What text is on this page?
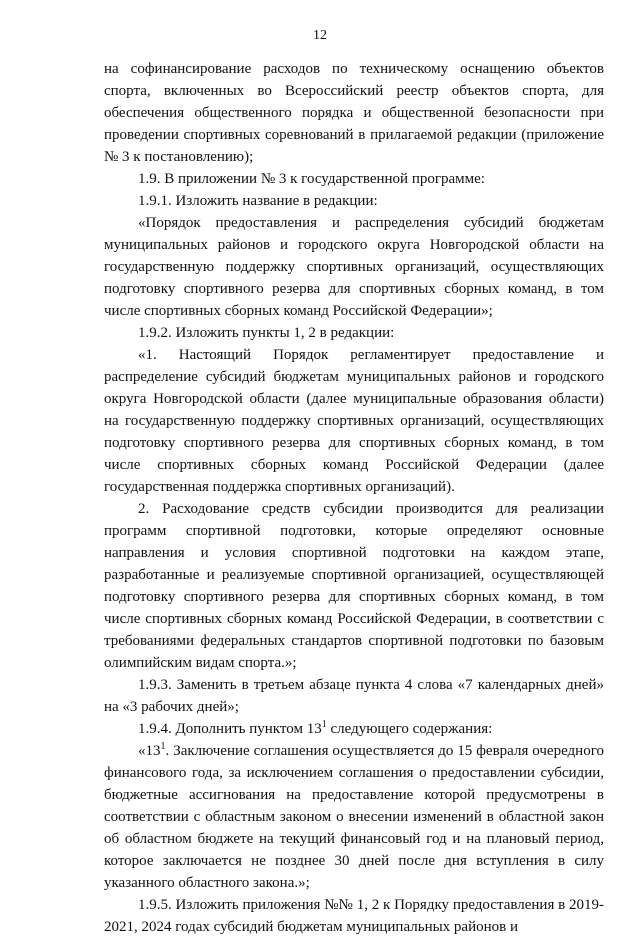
12

на софинансирование расходов по техническому оснащению объектов спорта, включенных во Всероссийский реестр объектов спорта, для обеспечения общественного порядка и общественной безопасности при проведении спортивных соревнований в прилагаемой редакции (приложение № 3 к постановлению);

1.9. В приложении № 3 к государственной программе:

1.9.1. Изложить название в редакции:

«Порядок предоставления и распределения субсидий бюджетам муниципальных районов и городского округа Новгородской области на государственную поддержку спортивных организаций, осуществляющих подготовку спортивного резерва для спортивных сборных команд, в том числе спортивных сборных команд Российской Федерации»;

1.9.2. Изложить пункты 1, 2 в редакции:

«1. Настоящий Порядок регламентирует предоставление и распределение субсидий бюджетам муниципальных районов и городского округа Новгородской области (далее муниципальные образования области) на государственную поддержку спортивных организаций, осуществляющих подготовку спортивного резерва для спортивных сборных команд, в том числе спортивных сборных команд Российской Федерации (далее государственная поддержка спортивных организаций).

2. Расходование средств субсидии производится для реализации программ спортивной подготовки, которые определяют основные направления и условия спортивной подготовки на каждом этапе, разработанные и реализуемые спортивной организацией, осуществляющей подготовку спортивного резерва для спортивных сборных команд, в том числе спортивных сборных команд Российской Федерации, в соответствии с требованиями федеральных стандартов спортивной подготовки по базовым олимпийским видам спорта.»;

1.9.3. Заменить в третьем абзаце пункта 4 слова «7 календарных дней» на «3 рабочих дней»;

1.9.4. Дополнить пунктом $13^1$ следующего содержания:

«$13^1$. Заключение соглашения осуществляется до 15 февраля очередного финансового года, за исключением соглашения о предоставлении субсидии, бюджетные ассигнования на предоставление которой предусмотрены в соответствии с областным законом о внесении изменений в областной закон об областном бюджете на текущий финансовый год и на плановый период, которое заключается не позднее 30 дней после дня вступления в силу указанного областного закона.»;

1.9.5. Изложить приложения №№ 1, 2 к Порядку предоставления в 2019-2021, 2024 годах субсидий бюджетам муниципальных районов и
